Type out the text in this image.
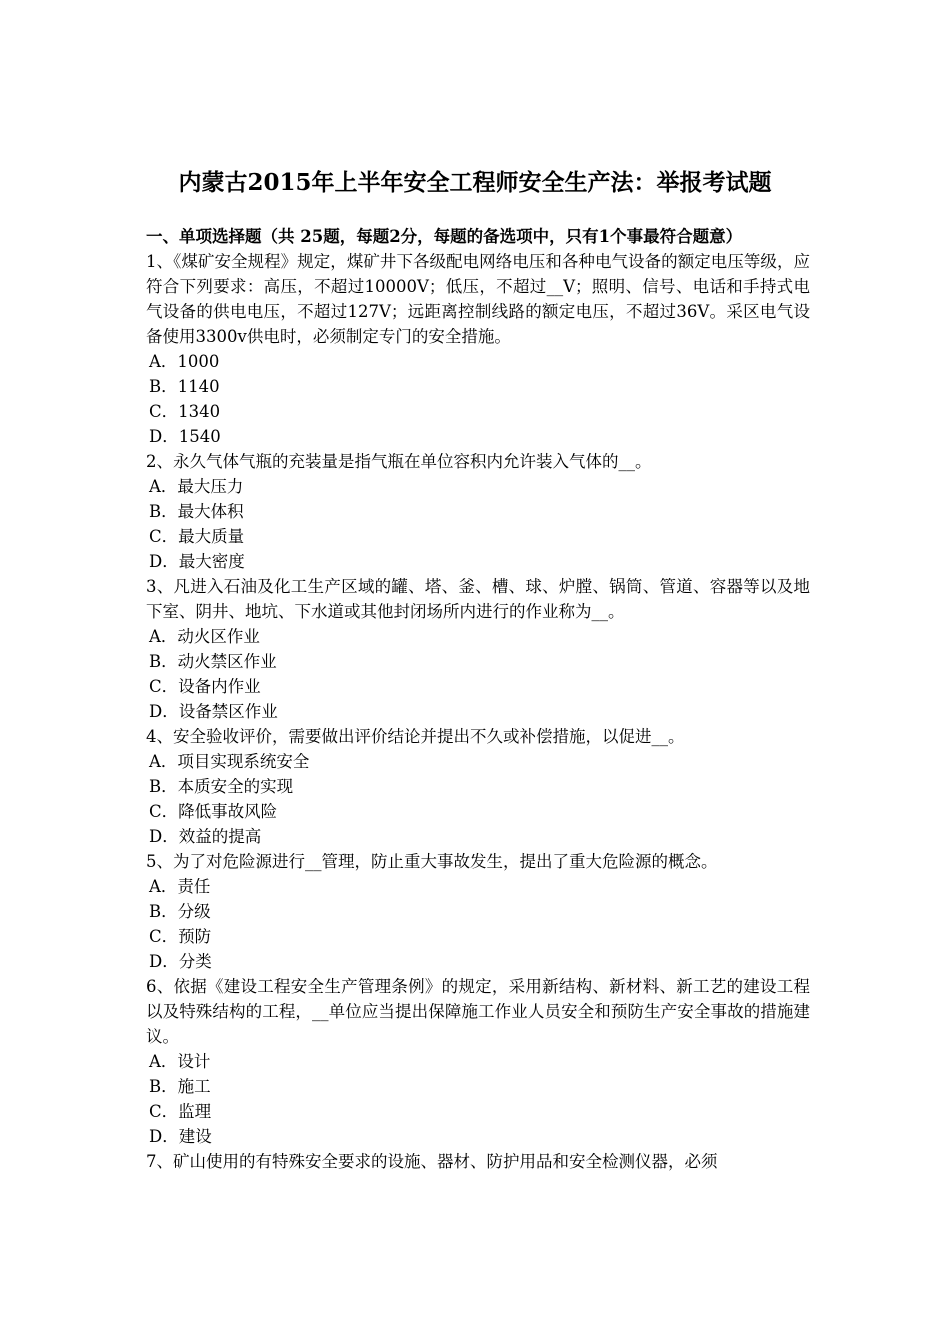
内蒙古2015年上半年安全工程师安全生产法：举报考试题

一、单项选择题（共 25题，每题2分，每题的备选项中，只有1个事最符合题意）

1、《煤矿安全规程》规定，煤矿井下各级配电网络电压和各种电气设备的额定电压等级，应符合下列要求：高压，不超过10000V；低压，不超过__V；照明、信号、电话和手持式电气设备的供电电压，不超过127V；远距离控制线路的额定电压，不超过36V。采区电气设备使用3300v供电时，必须制定专门的安全措施。

A．1000
B．1140
C．1340
D．1540

2、永久气体气瓶的充装量是指气瓶在单位容积内允许装入气体的__。

A．最大压力
B．最大体积
C．最大质量
D．最大密度

3、凡进入石油及化工生产区域的罐、塔、釜、槽、球、炉膛、锅筒、管道、容器等以及地下室、阴井、地坑、下水道或其他封闭场所内进行的作业称为__。

A．动火区作业
B．动火禁区作业
C．设备内作业
D．设备禁区作业

4、安全验收评价，需要做出评价结论并提出不久或补偿措施，以促进__。

A．项目实现系统安全
B．本质安全的实现
C．降低事故风险
D．效益的提高

5、为了对危险源进行__管理，防止重大事故发生，提出了重大危险源的概念。

A．责任
B．分级
C．预防
D．分类

6、依据《建设工程安全生产管理条例》的规定，采用新结构、新材料、新工艺的建设工程以及特殊结构的工程，__单位应当提出保障施工作业人员安全和预防生产安全事故的措施建议。

A．设计
B．施工
C．监理
D．建设

7、矿山使用的有特殊安全要求的设施、器材、防护用品和安全检测仪器，必须
